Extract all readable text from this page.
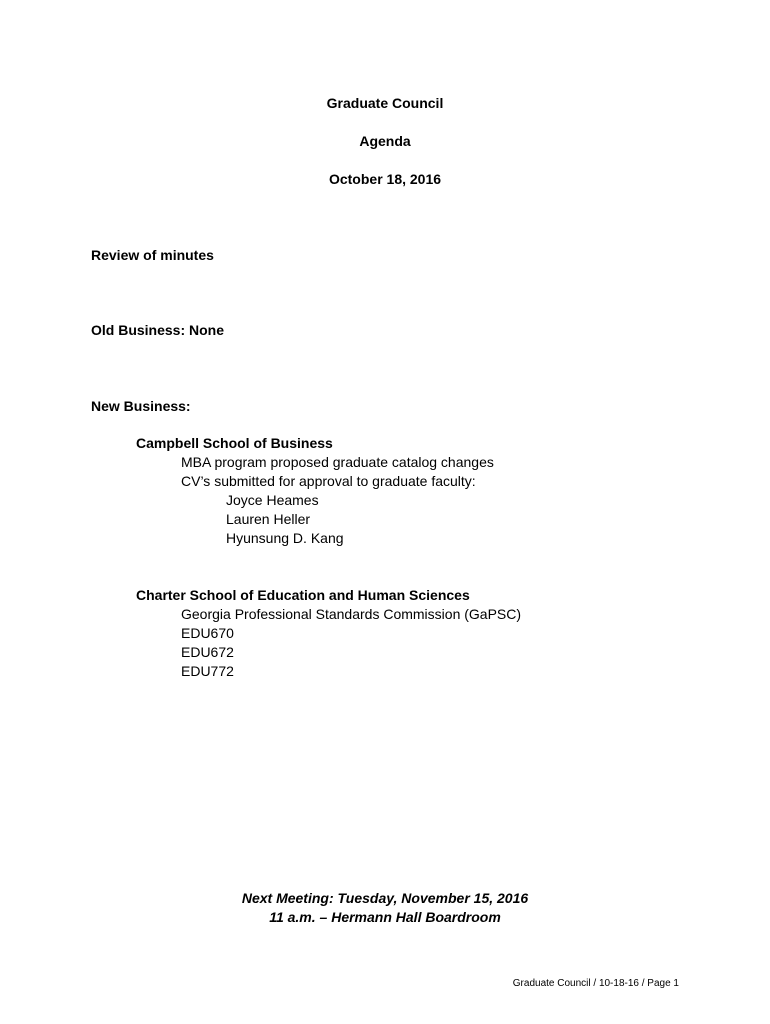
Graduate Council
Agenda
October 18, 2016
Review of minutes
Old Business: None
New Business:
Campbell School of Business
MBA program proposed graduate catalog changes
CV’s submitted for approval to graduate faculty:
Joyce Heames
Lauren Heller
Hyunsung D. Kang
Charter School of Education and Human Sciences
Georgia Professional Standards Commission (GaPSC)
EDU670
EDU672
EDU772
Next Meeting: Tuesday, November 15, 2016
11 a.m. – Hermann Hall Boardroom
Graduate Council / 10-18-16 / Page 1
